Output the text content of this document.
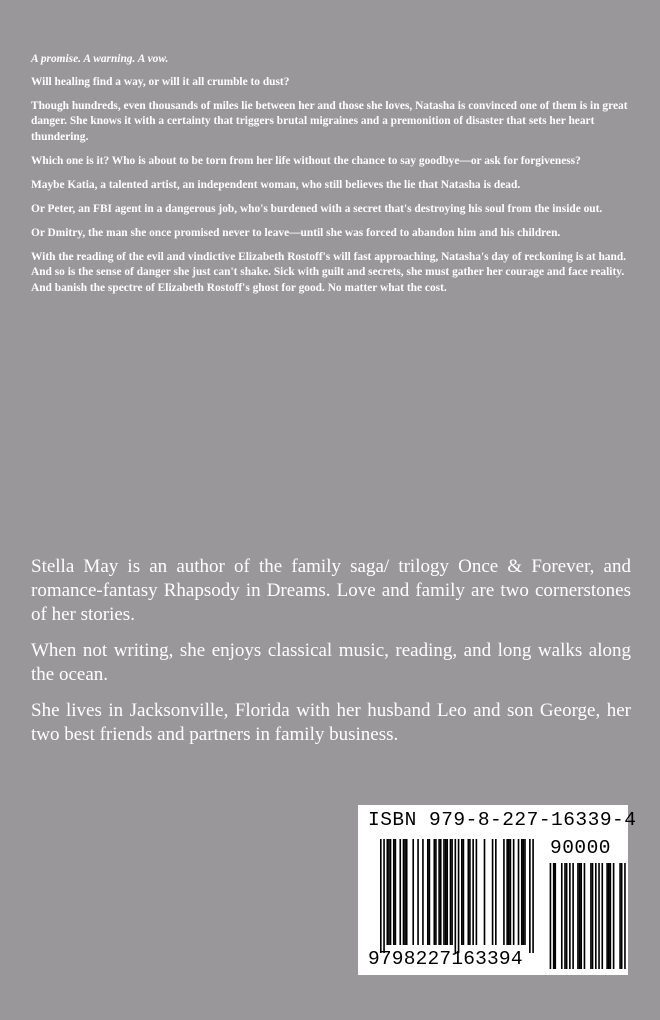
A promise. A warning. A vow.

Will healing find a way, or will it all crumble to dust?

Though hundreds, even thousands of miles lie between her and those she loves, Natasha is convinced one of them is in great danger. She knows it with a certainty that triggers brutal migraines and a premonition of disaster that sets her heart thundering.

Which one is it? Who is about to be torn from her life without the chance to say goodbye—or ask for forgiveness?

Maybe Katia, a talented artist, an independent woman, who still believes the lie that Natasha is dead.

Or Peter, an FBI agent in a dangerous job, who's burdened with a secret that's destroying his soul from the inside out.

Or Dmitry, the man she once promised never to leave—until she was forced to abandon him and his children.

With the reading of the evil and vindictive Elizabeth Rostoff's will fast approaching, Natasha's day of reckoning is at hand. And so is the sense of danger she just can't shake. Sick with guilt and secrets, she must gather her courage and face reality. And banish the spectre of Elizabeth Rostoff's ghost for good. No matter what the cost.

Stella May is an author of the family saga/ trilogy Once & Forever, and romance-fantasy Rhapsody in Dreams. Love and family are two cornerstones of her stories.

When not writing, she enjoys classical music, reading, and long walks along the ocean.

She lives in Jacksonville, Florida with her husband Leo and son George, her two best friends and partners in family business.

ISBN 979-8-227-16339-4
90000
9798227163394
